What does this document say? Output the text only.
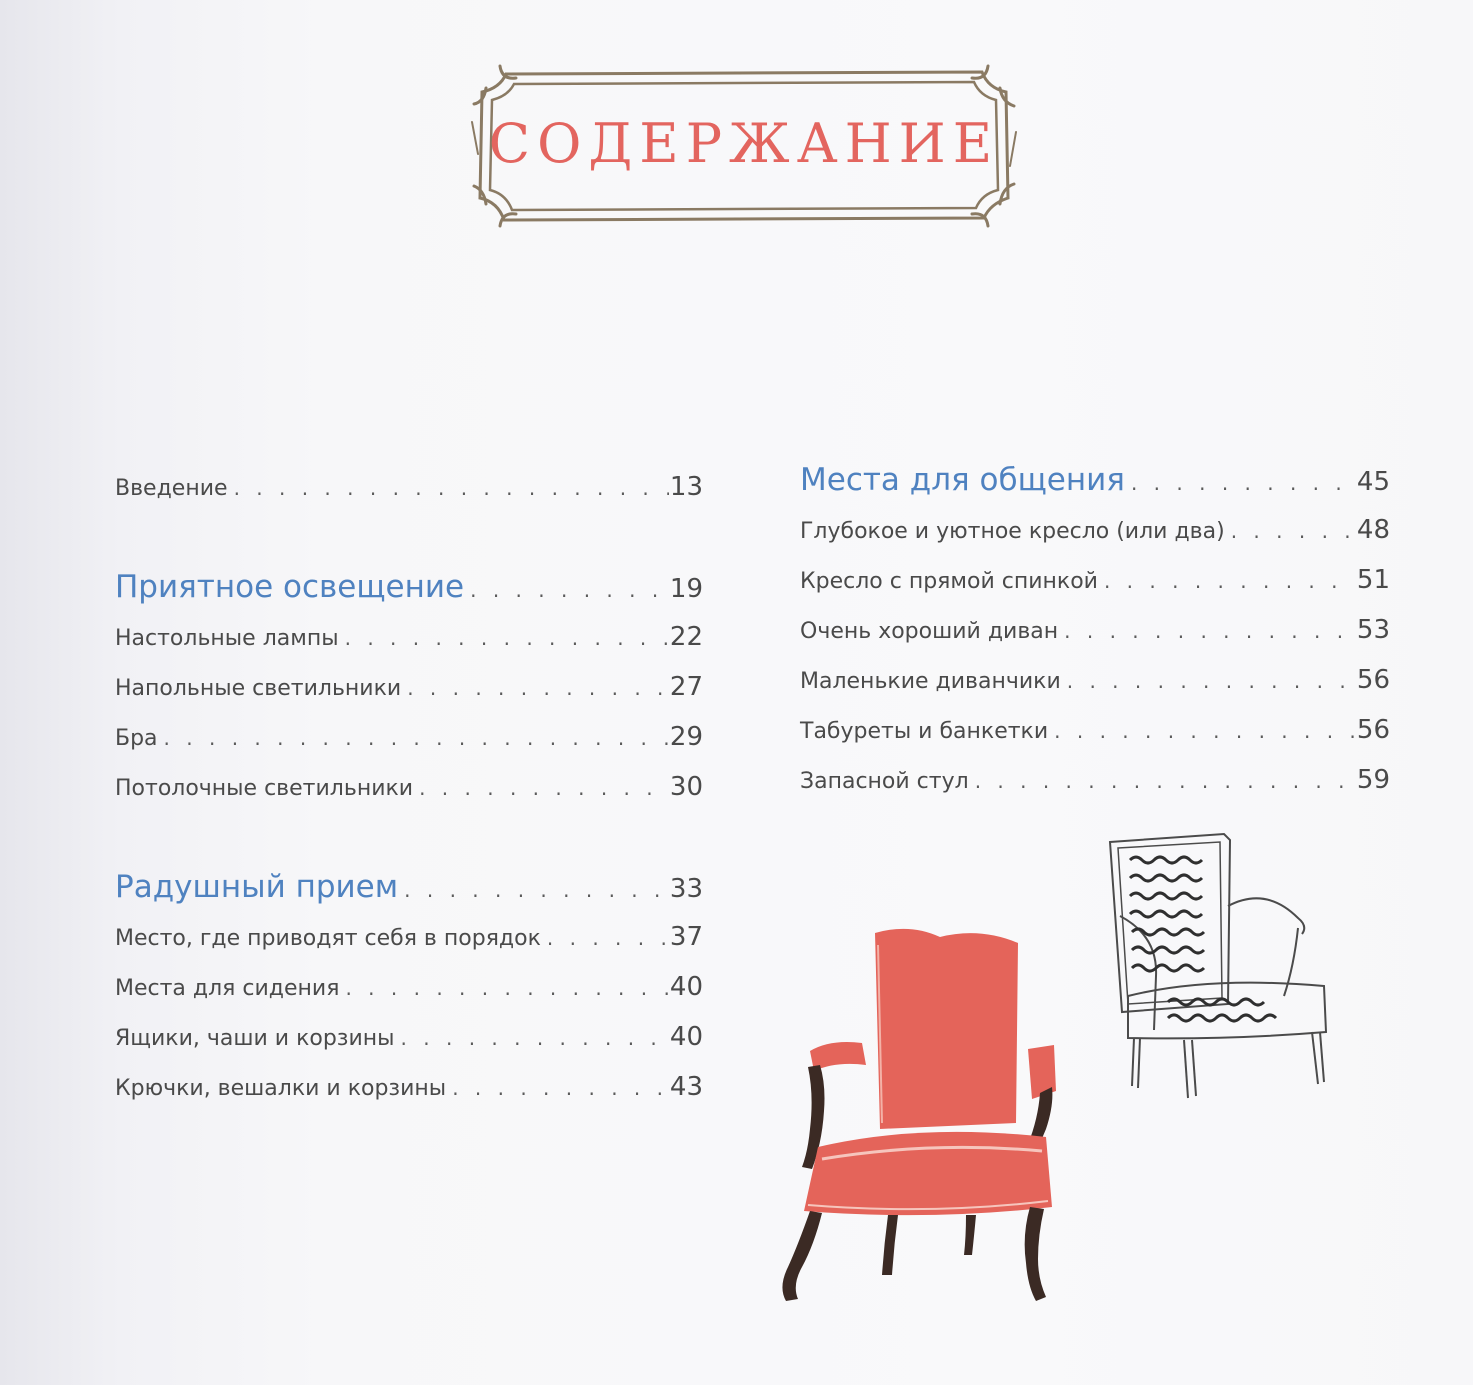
СОДЕРЖАНИЕ
Введение . . .	13
Приятное освещение . . .	19
Настольные лампы . . .	22
Напольные светильники . . .	27
Бра . . .	29
Потолочные светильники . . .	30
Радушный прием . . .	33
Место, где приводят себя в порядок . . .	37
Места для сидения . . .	40
Ящики, чаши и корзины . . .	40
Крючки, вешалки и корзины . . .	43
Места для общения . . .	45
Глубокое и уютное кресло (или два) . . .	48
Кресло с прямой спинкой . . .	51
Очень хороший диван . . .	53
Маленькие диванчики . . .	56
Табуреты и банкетки . . .	56
Запасной стул . . .	59
